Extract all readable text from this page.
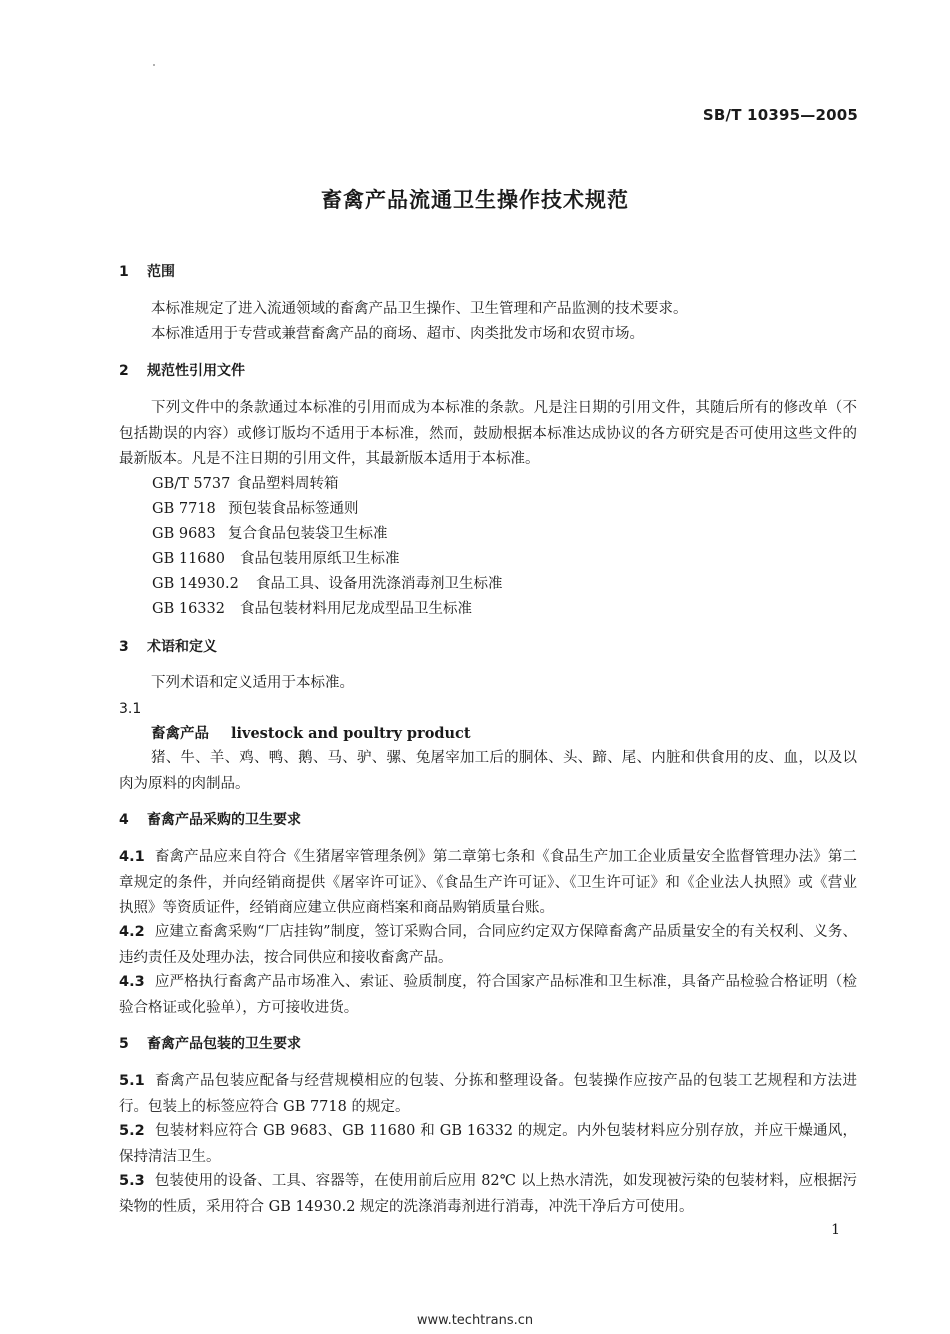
SB/T 10395—2005
畜禽产品流通卫生操作技术规范
1 范围
本标准规定了进入流通领域的畜禽产品卫生操作、卫生管理和产品监测的技术要求。
本标准适用于专营或兼营畜禽产品的商场、超市、肉类批发市场和农贸市场。
2 规范性引用文件
下列文件中的条款通过本标准的引用而成为本标准的条款。凡是注日期的引用文件，其随后所有的修改单（不包括勘误的内容）或修订版均不适用于本标准，然而，鼓励根据本标准达成协议的各方研究是否可使用这些文件的最新版本。凡是不注日期的引用文件，其最新版本适用于本标准。
GB/T 5737 食品塑料周转箱
GB 7718 预包装食品标签通则
GB 9683 复合食品包装袋卫生标准
GB 11680 食品包装用原纸卫生标准
GB 14930.2 食品工具、设备用洗涤消毒剂卫生标准
GB 16332 食品包装材料用尼龙成型品卫生标准
3 术语和定义
下列术语和定义适用于本标准。
3.1
畜禽产品 livestock and poultry product
猪、牛、羊、鸡、鸭、鹅、马、驴、骡、兔屠宰加工后的胴体、头、蹄、尾、内脏和供食用的皮、血，以及以肉为原料的肉制品。
4 畜禽产品采购的卫生要求
4.1 畜禽产品应来自符合《生猪屠宰管理条例》第二章第七条和《食品生产加工企业质量安全监督管理办法》第二章规定的条件，并向经销商提供《屠宰许可证》、《食品生产许可证》、《卫生许可证》和《企业法人执照》或《营业执照》等资质证件，经销商应建立供应商档案和商品购销质量台账。
4.2 应建立畜禽采购“厂店挂钩”制度，签订采购合同，合同应约定双方保障畜禽产品质量安全的有关权利、义务、违约责任及处理办法，按合同供应和接收畜禽产品。
4.3 应严格执行畜禽产品市场准入、索证、验质制度，符合国家产品标准和卫生标准，具备产品检验合格证明（检验合格证或化验单），方可接收进货。
5 畜禽产品包装的卫生要求
5.1 畜禽产品包装应配备与经营规模相应的包装、分拣和整理设备。包装操作应按产品的包装工艺规程和方法进行。包装上的标签应符合 GB 7718 的规定。
5.2 包装材料应符合 GB 9683、GB 11680 和 GB 16332 的规定。内外包装材料应分别存放，并应干燥通风，保持清洁卫生。
5.3 包装使用的设备、工具、容器等，在使用前后应用 82℃ 以上热水清洗，如发现被污染的包装材料，应根据污染物的性质，采用符合 GB 14930.2 规定的洗涤消毒剂进行消毒，冲洗干净后方可使用。
1
www.techtrans.cn
